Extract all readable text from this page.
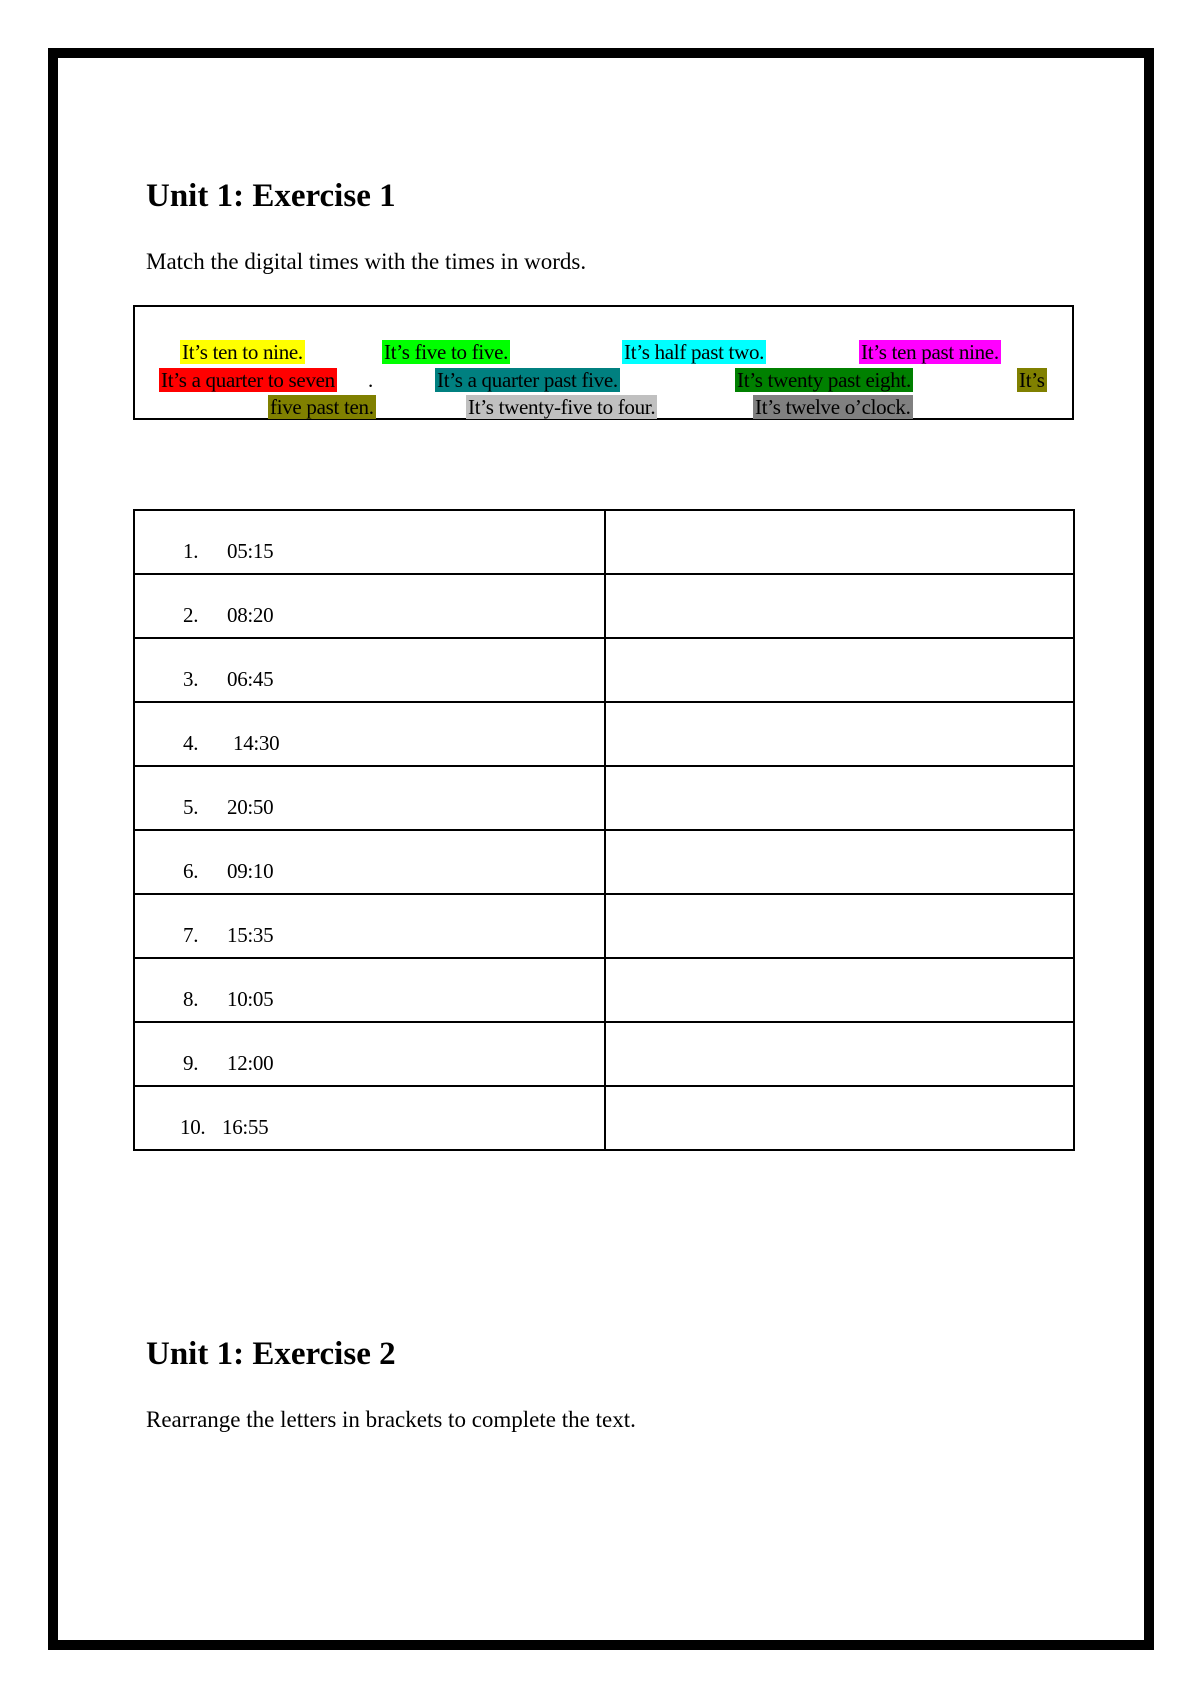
Unit 1: Exercise 1

Match the digital times with the times in words.

It’s ten to nine.	It’s five to five.	It’s half past two.	It’s ten past nine.
It’s a quarter to seven .	It’s a quarter past five.	It’s twenty past eight.	It’s
five past ten.	It’s twenty-five to four.	It’s twelve o’clock.
1. 05:15	

2. 08:20	

3. 06:45	

4. 14:30	

5. 20:50	

6. 09:10	

7. 15:35	

8. 10:05	

9. 12:00	

10. 16:55	

Unit 1: Exercise 2

Rearrange the letters in brackets to complete the text.
